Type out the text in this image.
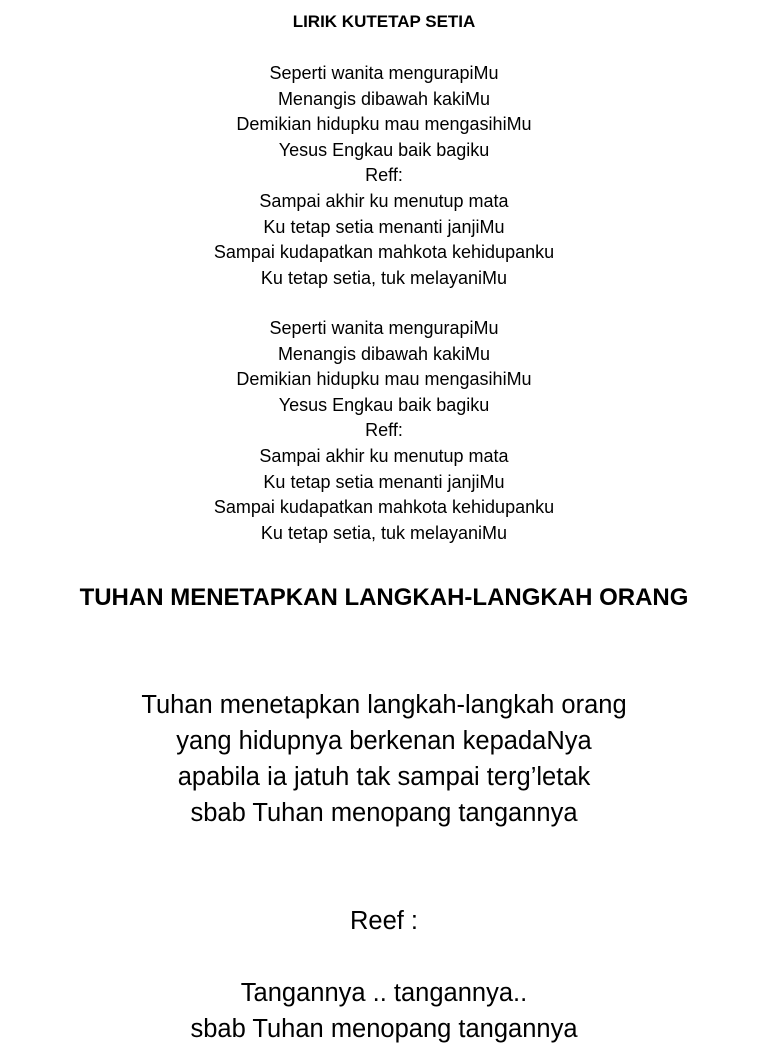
LIRIK KUTETAP SETIA
Seperti wanita mengurapiMu
Menangis dibawah kakiMu
Demikian hidupku mau mengasihiMu
Yesus Engkau baik bagiku
Reff:
Sampai akhir ku menutup mata
Ku tetap setia menanti janjiMu
Sampai kudapatkan mahkota kehidupanku
Ku tetap setia, tuk melayaniMu
Seperti wanita mengurapiMu
Menangis dibawah kakiMu
Demikian hidupku mau mengasihiMu
Yesus Engkau baik bagiku
Reff:
Sampai akhir ku menutup mata
Ku tetap setia menanti janjiMu
Sampai kudapatkan mahkota kehidupanku
Ku tetap setia, tuk melayaniMu
TUHAN MENETAPKAN LANGKAH-LANGKAH ORANG
Tuhan menetapkan langkah-langkah orang
yang hidupnya berkenan kepadaNya
apabila ia jatuh tak sampai terg’letak
sbab Tuhan menopang tangannya
Reef :
Tangannya .. tangannya..
sbab Tuhan menopang tangannya
